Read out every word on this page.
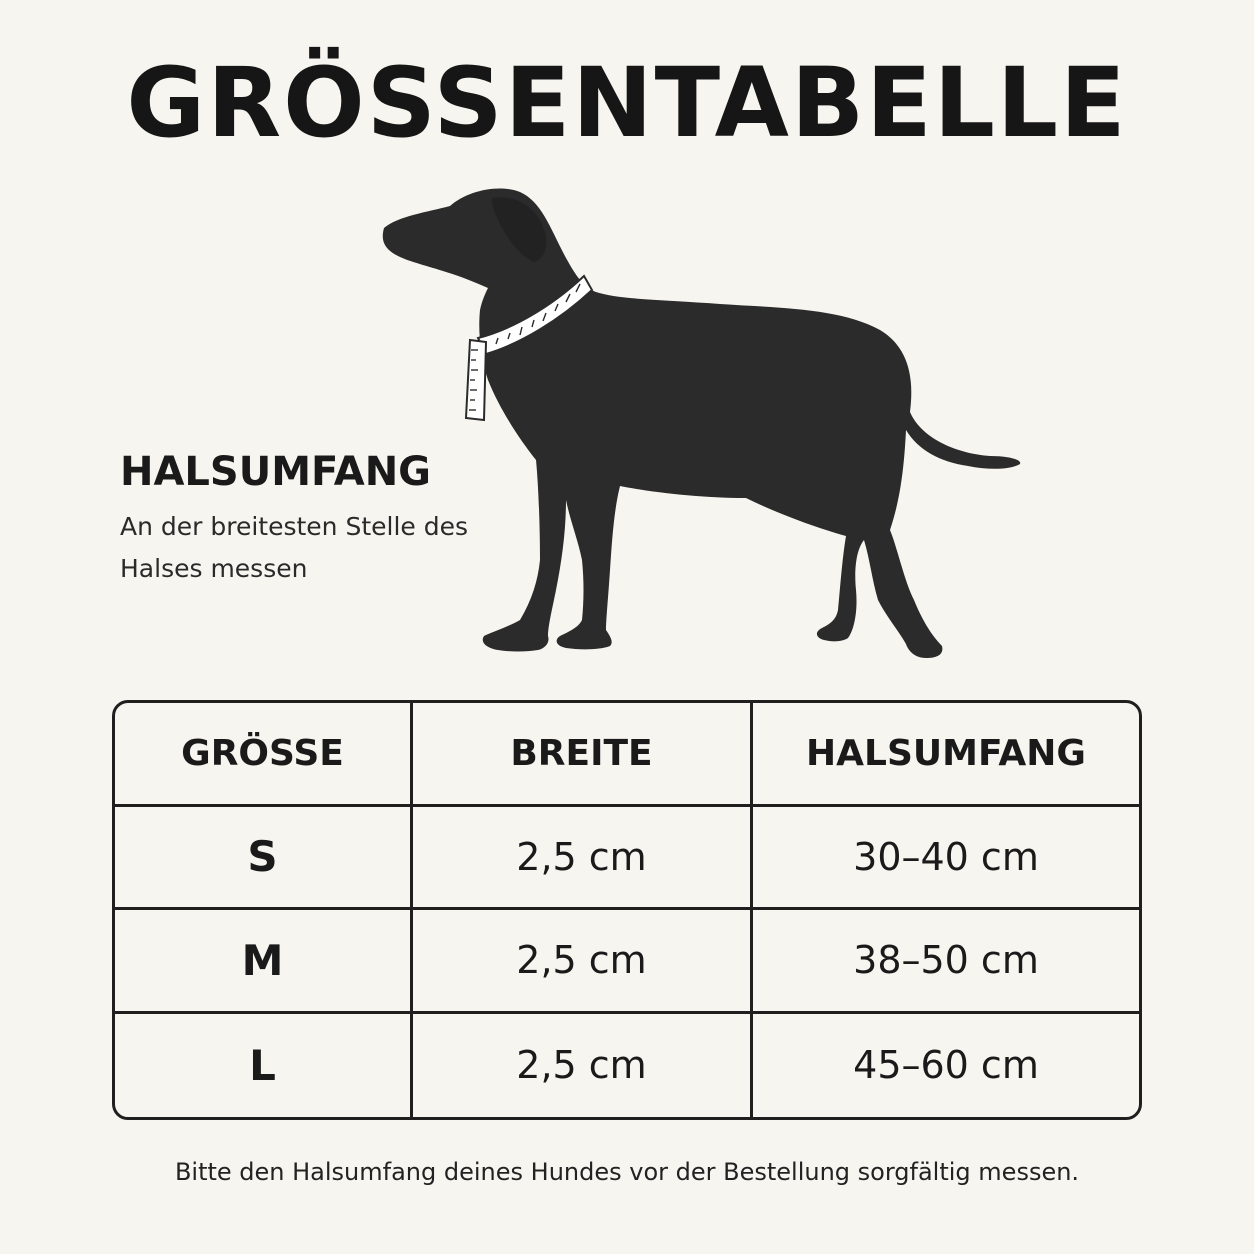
GRÖSSENTABELLE
HALSUMFANG
An der breitesten Stelle des Halses messen
GRÖSSE	BREITE	HALSUMFANG
S	2,5 cm	30–40 cm
M	2,5 cm	38–50 cm
L	2,5 cm	45–60 cm
Bitte den Halsumfang deines Hundes vor der Bestellung sorgfältig messen.
